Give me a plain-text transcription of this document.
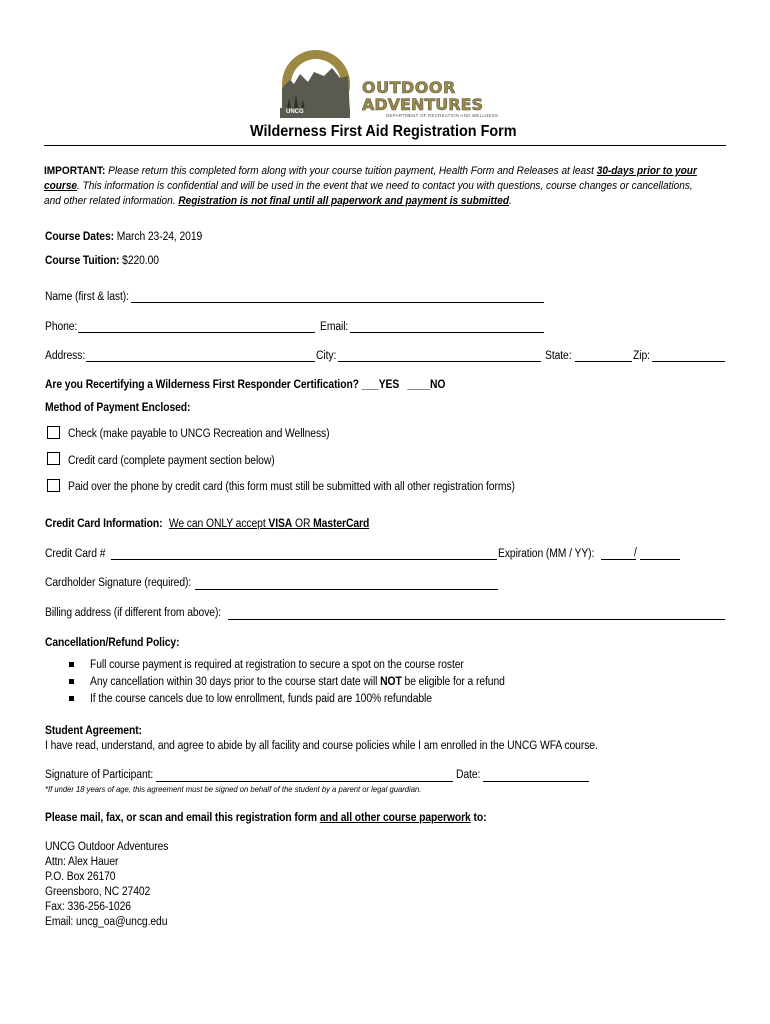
UNCG
OUTDOOR
ADVENTURES
DEPARTMENT OF RECREATION AND WELLNESS
Wilderness First Aid Registration Form
IMPORTANT: Please return this completed form along with your course tuition payment, Health Form and Releases at least 30-days prior to your
course. This information is confidential and will be used in the event that we need to contact you with questions, course changes or cancellations,
and other related information. Registration is not final until all paperwork and payment is submitted.
Course Dates: March 23-24, 2019
Course Tuition: $220.00
Name (first & last):
Phone:	Email:
Address:	City:	State:	Zip:
Are you Recertifying a Wilderness First Responder Certification? ___YES ____NO
Method of Payment Enclosed:
Check (make payable to UNCG Recreation and Wellness)
Credit card (complete payment section below)
Paid over the phone by credit card (this form must still be submitted with all other registration forms)
Credit Card Information: We can ONLY accept VISA OR MasterCard
Credit Card #	Expiration (MM / YY):	/
Cardholder Signature (required):
Billing address (if different from above):
Cancellation/Refund Policy:
Full course payment is required at registration to secure a spot on the course roster
Any cancellation within 30 days prior to the course start date will NOT be eligible for a refund
If the course cancels due to low enrollment, funds paid are 100% refundable
Student Agreement:
I have read, understand, and agree to abide by all facility and course policies while I am enrolled in the UNCG WFA course.
Signature of Participant:	Date:
*If under 18 years of age, this agreement must be signed on behalf of the student by a parent or legal guardian.
Please mail, fax, or scan and email this registration form and all other course paperwork to:
UNCG Outdoor Adventures
Attn: Alex Hauer
P.O. Box 26170
Greensboro, NC 27402
Fax: 336-256-1026
Email: uncg_oa@uncg.edu
